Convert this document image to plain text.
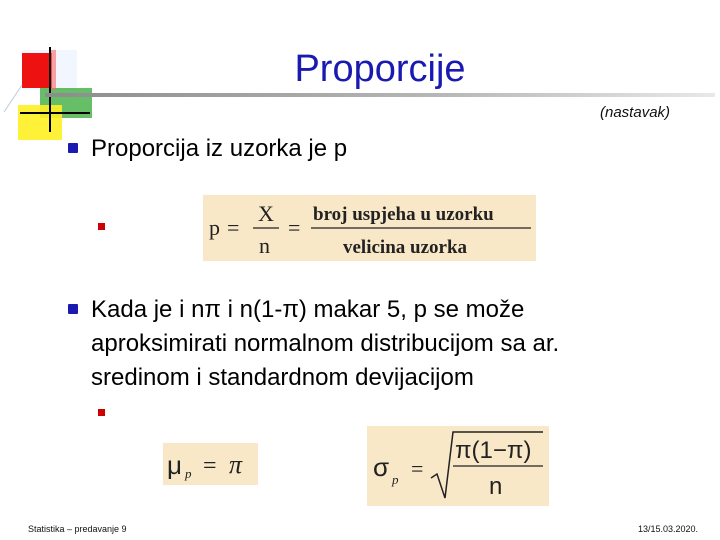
Proporcije
(nastavak)
Proporcija iz uzorka je p
p =
X
n
=
broj uspjeha u uzorku
velicina uzorka
Kada je i nπ i n(1-π) makar 5, p se može
aproksimirati normalnom distribucijom sa ar.
sredinom i standardnom devijacijom
μ p = π	σ p =
π(1−π)
n
Statistika – predavanje 9	13/15.03.2020.
